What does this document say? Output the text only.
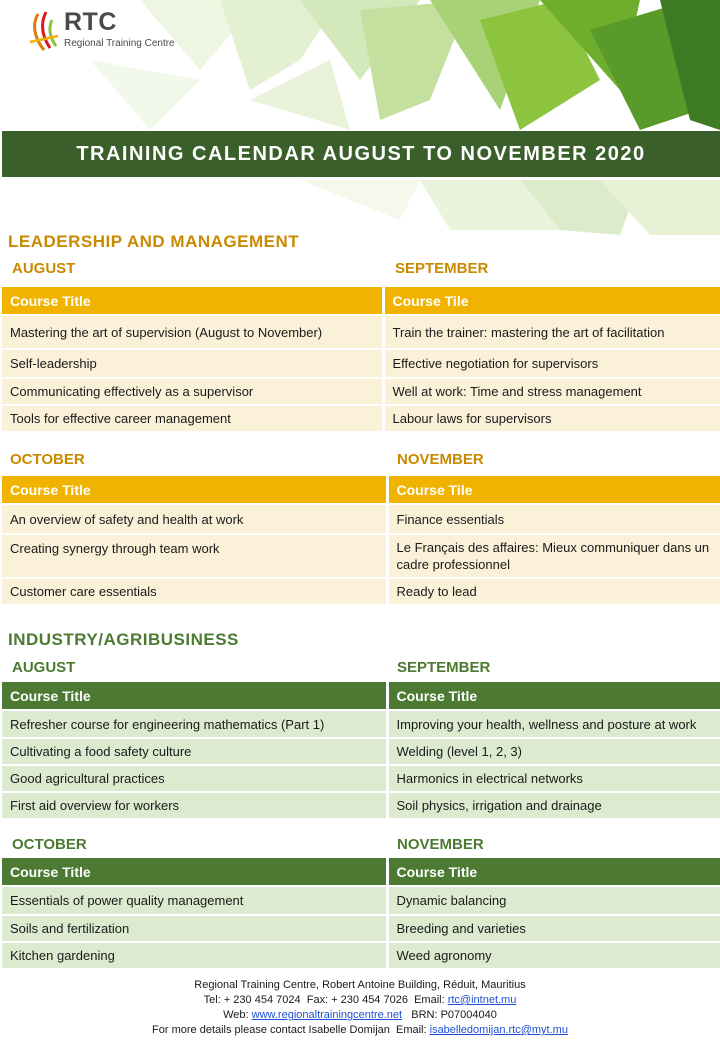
RTC
Regional Training Centre
TRAINING CALENDAR AUGUST TO NOVEMBER 2020
LEADERSHIP AND MANAGEMENT
AUGUST	SEPTEMBER
Course Title	Course Tile
Mastering the art of supervision (August to November)	Train the trainer: mastering the art of facilitation
Self-leadership	Effective negotiation for supervisors
Communicating effectively as a supervisor	Well at work: Time and stress management
Tools for effective career management	Labour laws for supervisors
OCTOBER	NOVEMBER
Course Title	Course Tile
An overview of safety and health at work	Finance essentials
Creating synergy through team work	Le Français des affaires: Mieux communiquer dans un cadre professionnel
Customer care essentials	Ready to lead
INDUSTRY/AGRIBUSINESS
AUGUST	SEPTEMBER
Course Title	Course Title
Refresher course for engineering mathematics (Part 1)	Improving your health, wellness and posture at work
Cultivating a food safety culture	Welding (level 1, 2, 3)
Good agricultural practices	Harmonics in electrical networks
First aid overview for workers	Soil physics, irrigation and drainage
OCTOBER	NOVEMBER
Course Title	Course Title
Essentials of power quality management	Dynamic balancing
Soils and fertilization	Breeding and varieties
Kitchen gardening	Weed agronomy
Regional Training Centre, Robert Antoine Building, Réduit, Mauritius
Tel: + 230 454 7024 Fax: + 230 454 7026 Email: rtc@intnet.mu
Web: www.regionaltrainingcentre.net BRN: P07004040
For more details please contact Isabelle Domijan Email: isabelledomijan.rtc@myt.mu
